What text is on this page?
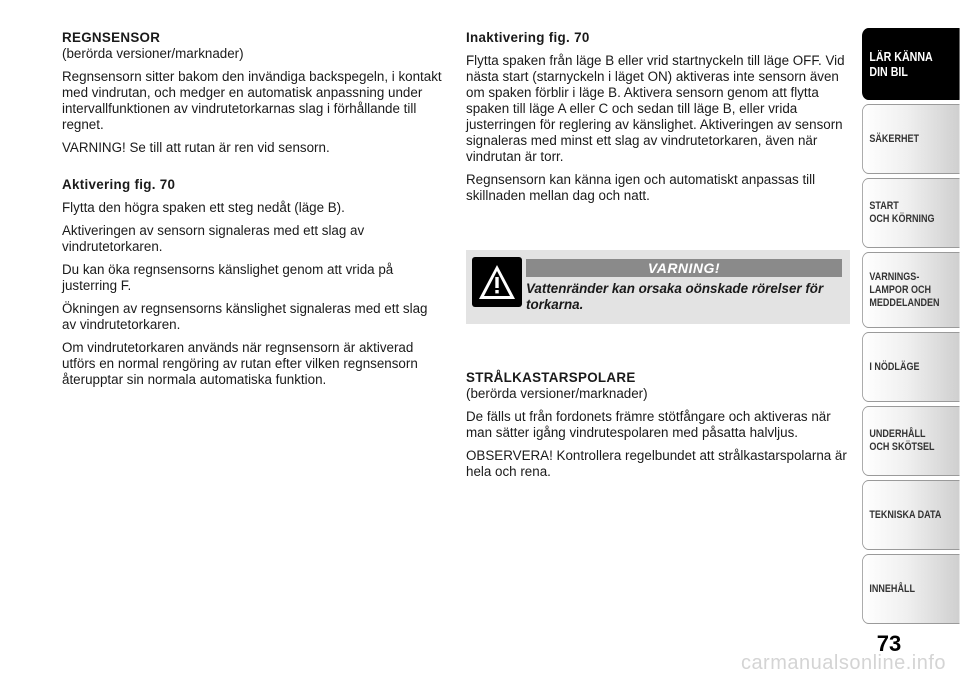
REGNSENSOR
(berörda versioner/marknader)
Regnsensorn sitter bakom den invändiga backspegeln, i kontakt med vindrutan, och medger en automatisk anpassning under intervallfunktionen av vindrutetorkarnas slag i förhållande till regnet.
VARNING! Se till att rutan är ren vid sensorn.
Aktivering fig. 70
Flytta den högra spaken ett steg nedåt (läge B).
Aktiveringen av sensorn signaleras med ett slag av vindrutetorkaren.
Du kan öka regnsensorns känslighet genom att vrida på justerring F.
Ökningen av regnsensorns känslighet signaleras med ett slag av vindrutetorkaren.
Om vindrutetorkaren används när regnsensorn är aktiverad utförs en normal rengöring av rutan efter vilken regnsensorn återupptar sin normala automatiska funktion.
Inaktivering fig. 70
Flytta spaken från läge B eller vrid startnyckeln till läge OFF. Vid nästa start (starnyckeln i läget ON) aktiveras inte sensorn även om spaken förblir i läge B. Aktivera sensorn genom att flytta spaken till läge A eller C och sedan till läge B, eller vrida justerringen för reglering av känslighet. Aktiveringen av sensorn signaleras med minst ett slag av vindrutetorkaren, även när vindrutan är torr.
Regnsensorn kan känna igen och automatiskt anpassas till skillnaden mellan dag och natt.
VARNING!
Vattenränder kan orsaka oönskade rörelser för torkarna.
STRÅLKASTARSPOLARE
(berörda versioner/marknader)
De fälls ut från fordonets främre stötfångare och aktiveras när man sätter igång vindrutespolaren med påsatta halvljus.
OBSERVERA! Kontrollera regelbundet att strålkastarspolarna är hela och rena.
LÄR KÄNNA
DIN BIL
SÄKERHET
START
OCH KÖRNING
VARNINGS-
LAMPOR OCH
MEDDELANDEN
I NÖDLÄGE
UNDERHÅLL
OCH SKÖTSEL
TEKNISKA DATA
INNEHÅLL
73
carmanualsonline.info
